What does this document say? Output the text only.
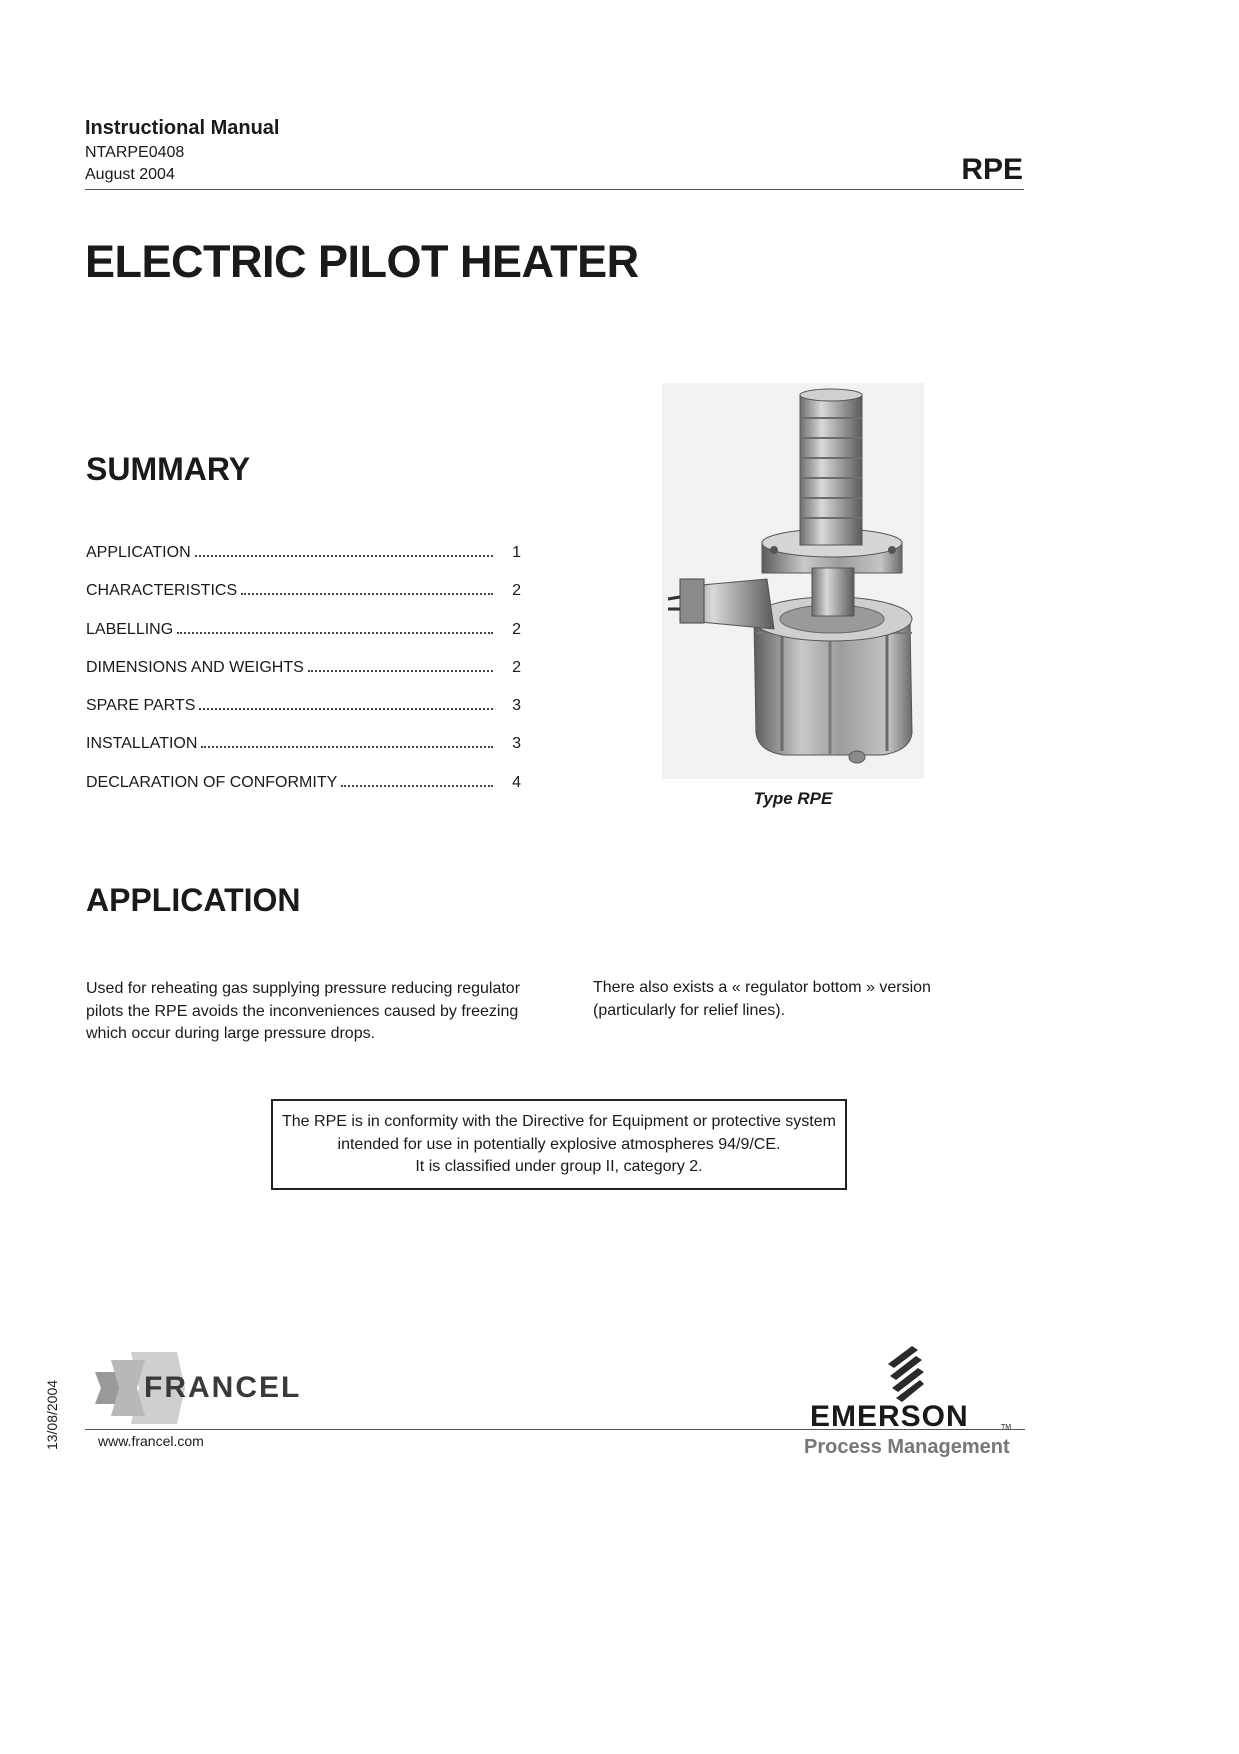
Instructional Manual
NTARPE0408
August 2004	RPE
ELECTRIC PILOT HEATER
SUMMARY
APPLICATION	1
CHARACTERISTICS	2
LABELLING	2
DIMENSIONS AND WEIGHTS	2
SPARE PARTS	3
INSTALLATION	3
DECLARATION OF CONFORMITY	4
Type RPE
APPLICATION
Used for reheating gas supplying pressure reducing regulator
pilots the RPE avoids the inconveniences caused by freezing
which occur during large pressure drops.
There also exists a « regulator bottom » version
(particularly for relief lines).
The RPE is in conformity with the Directive for Equipment or protective system
intended for use in potentially explosive atmospheres 94/9/CE.
It is classified under group II, category 2.
13/08/2004	FRANCEL
www.francel.com
EMERSON	TM
Process Management
